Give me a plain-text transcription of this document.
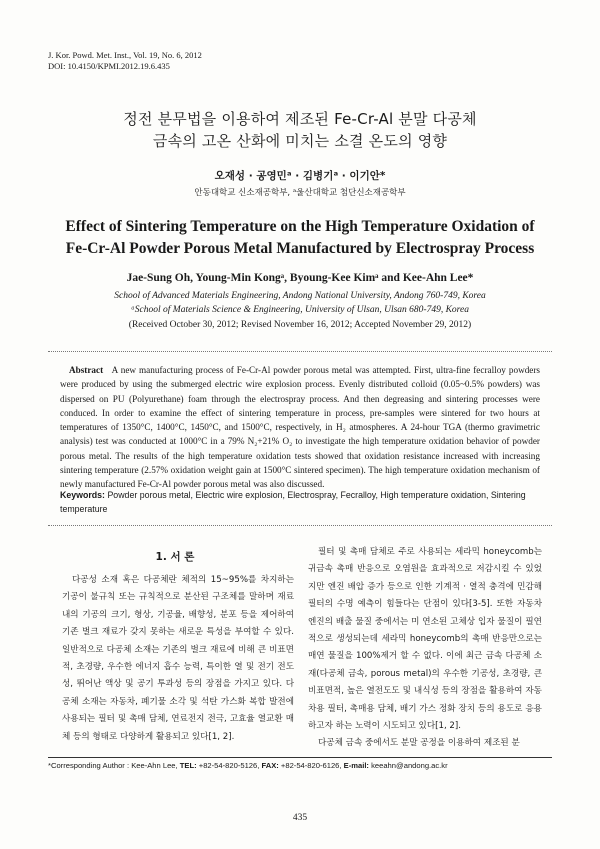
J. Kor. Powd. Met. Inst., Vol. 19, No. 6, 2012
DOI: 10.4150/KPMI.2012.19.6.435
정전 분무법을 이용하여 제조된 Fe-Cr-Al 분말 다공체
금속의 고온 산화에 미치는 소결 온도의 영향
오재성 · 공영민ᵃ · 김병기ᵃ · 이기안*
안동대학교 신소재공학부, ᵃ울산대학교 첨단신소재공학부
Effect of Sintering Temperature on the High Temperature Oxidation of
Fe-Cr-Al Powder Porous Metal Manufactured by Electrospray Process
Jae-Sung Oh, Young-Min Kongᵃ, Byoung-Kee Kimᵃ and Kee-Ahn Lee*
School of Advanced Materials Engineering, Andong National University, Andong 760-749, Korea
ᵃSchool of Materials Science & Engineering, University of Ulsan, Ulsan 680-749, Korea
(Received October 30, 2012; Revised November 16, 2012; Accepted November 29, 2012)
Abstract A new manufacturing process of Fe-Cr-Al powder porous metal was attempted. First, ultra-fine fecralloy powders were produced by using the submerged electric wire explosion process. Evenly distributed colloid (0.05~0.5% powders) was dispersed on PU (Polyurethane) foam through the electrospray process. And then degreasing and sintering processes were conduced. In order to examine the effect of sintering temperature in process, pre-samples were sintered for two hours at temperatures of 1350°C, 1400°C, 1450°C, and 1500°C, respectively, in H₂ atmospheres. A 24-hour TGA (thermo gravimetric analysis) test was conducted at 1000°C in a 79% N₂+21% O₂ to investigate the high temperature oxidation behavior of powder porous metal. The results of the high temperature oxidation tests showed that oxidation resistance increased with increasing sintering temperature (2.57% oxidation weight gain at 1500°C sintered specimen). The high temperature oxidation mechanism of newly manufactured Fe-Cr-Al powder porous metal was also discussed.
Keywords: Powder porous metal, Electric wire explosion, Electrospray, Fecralloy, High temperature oxidation, Sintering temperature
1. 서 론

다공성 소재 혹은 다공체란 체적의 15~95%를 차지하는 기공이 불규칙 또는 규칙적으로 분산된 구조체를 말하며 재료내의 기공의 크기, 형상, 기공율, 배향성, 분포 등을 제어하여 기존 벌크 재료가 갖지 못하는 새로운 특성을 부여할 수 있다. 일반적으로 다공체 소재는 기존의 벌크 재료에 비해 큰 비표면적, 초경량, 우수한 에너지 흡수 능력, 특이한 열 및 전기 전도성, 뛰어난 액상 및 공기 투과성 등의 장점을 가지고 있다. 다공체 소재는 자동차, 폐기물 소각 및 석탄 가스화 복합 발전에 사용되는 필터 및 촉매 담체, 연료전지 전극, 고효율 열교환 매체 등의 형태로 다양하게 활용되고 있다[1, 2].

필터 및 촉매 담체로 주로 사용되는 세라믹 honeycomb는 귀금속 촉매 반응으로 오염원을 효과적으로 저감시킬 수 있었지만 엔진 배압 증가 등으로 인한 기계적 · 열적 충격에 민감해 필터의 수명 예측이 힘들다는 단점이 있다[3-5]. 또한 자동차 엔진의 배출 물질 중에서는 미 연소된 고체상 입자 물질이 필연적으로 생성되는데 세라믹 honeycomb의 촉매 반응만으로는 매연 물질을 100%제거 할 수 없다. 이에 최근 금속 다공체 소재(다공체 금속, porous metal)의 우수한 기공성, 초경량, 큰 비표면적, 높은 열전도도 및 내식성 등의 장점을 활용하여 자동차용 필터, 촉매용 담체, 배기 가스 정화 장치 등의 용도로 응용하고자 하는 노력이 시도되고 있다[1, 2].

다공체 금속 중에서도 분말 공정을 이용하여 제조된 분

*Corresponding Author : Kee-Ahn Lee, TEL: +82-54-820-5126, FAX: +82-54-820-6126, E-mail: keeahn@andong.ac.kr
435
